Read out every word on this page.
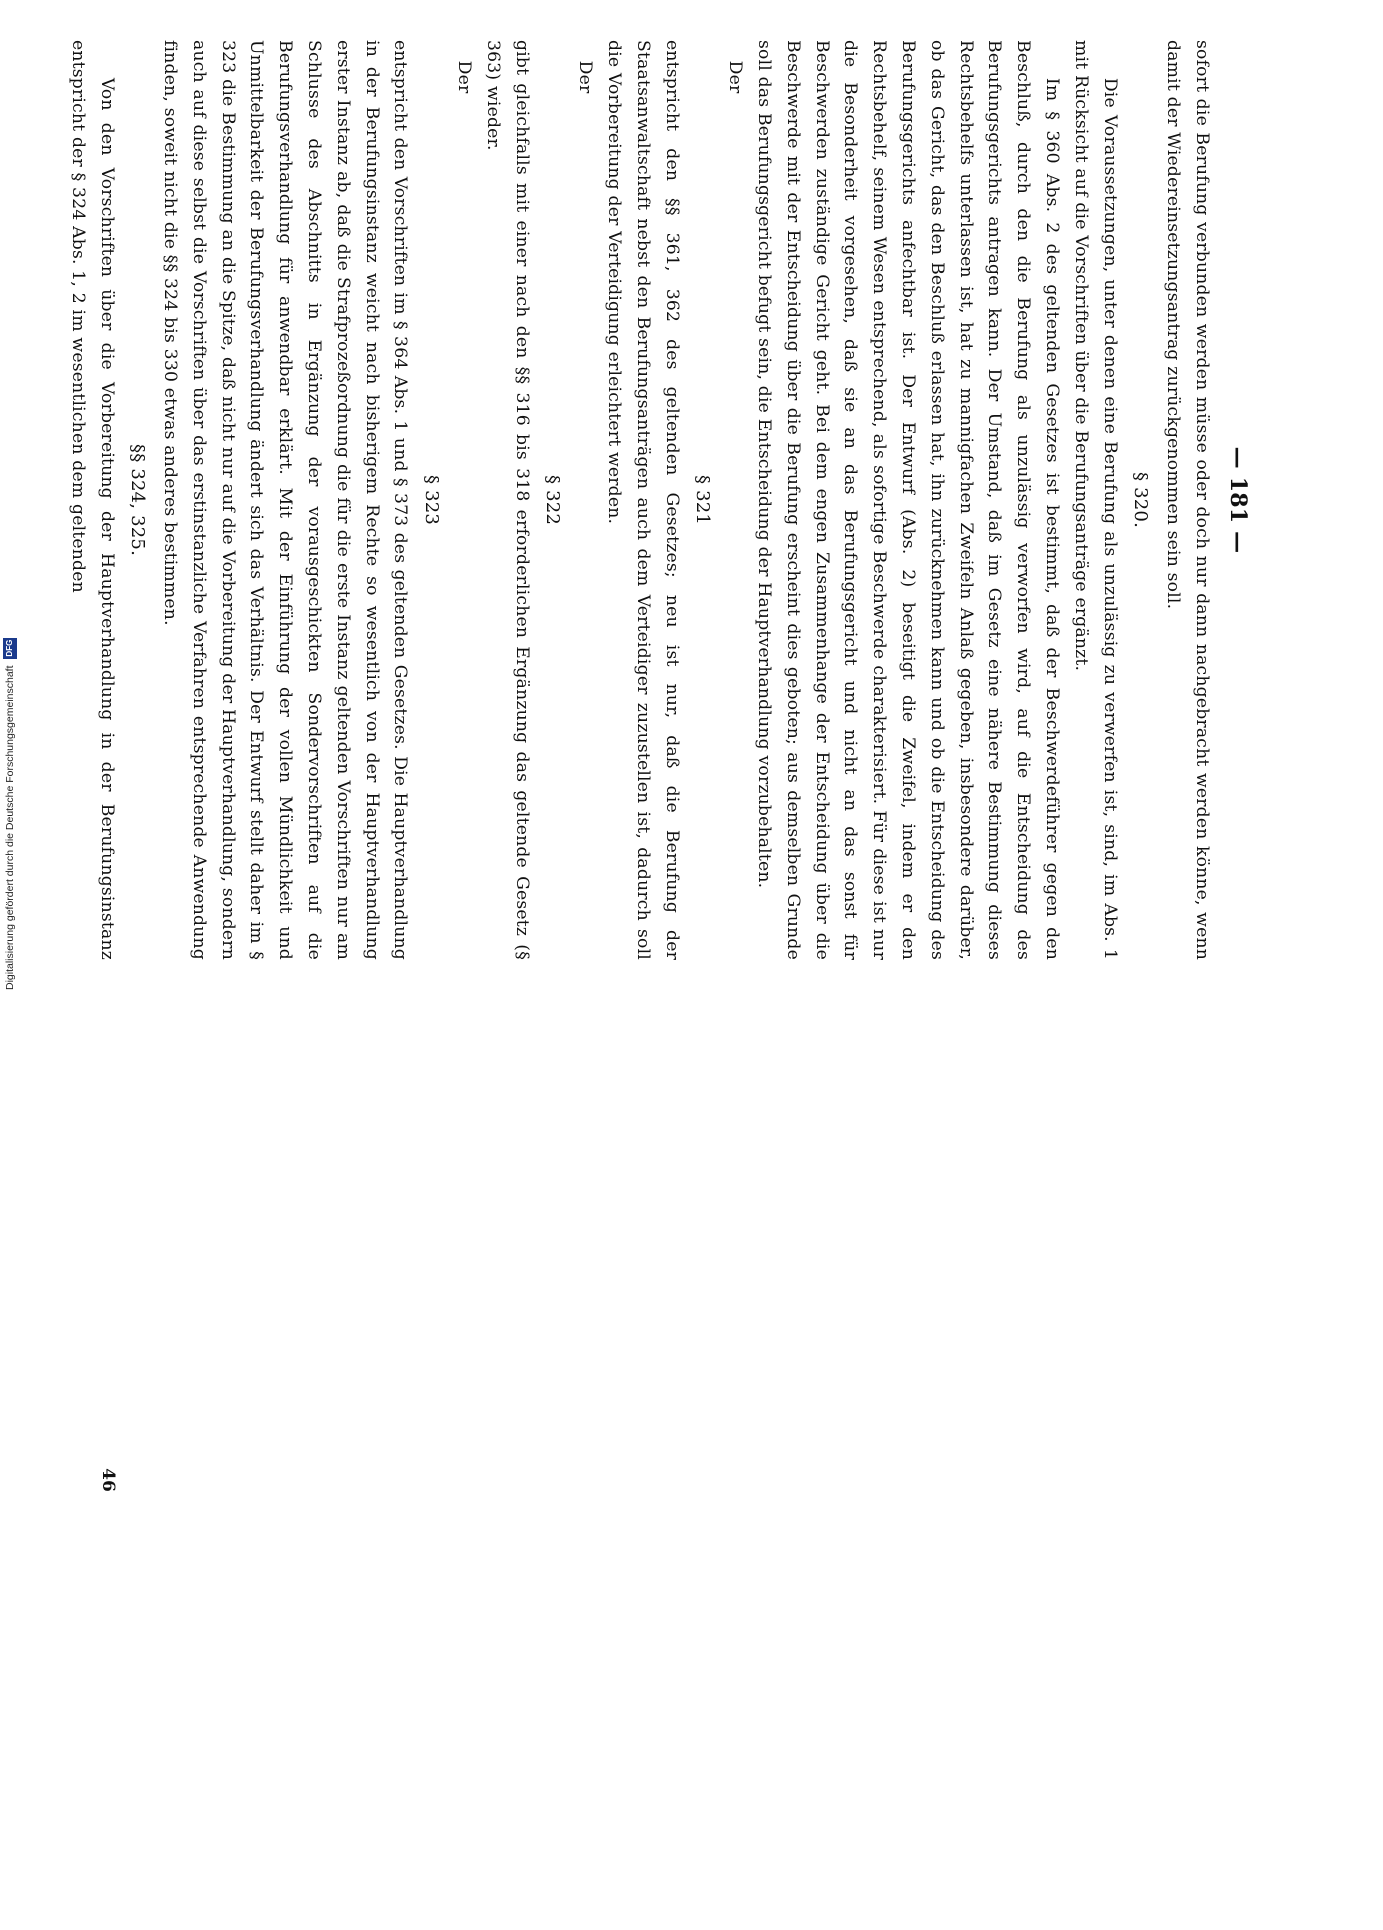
— 181 —

sofort die Berufung verbunden werden müsse oder doch nur dann nachgebracht werden könne, wenn damit der Wiedereinsetzungsantrag zurückgenommen sein soll.

§ 320.

Die Voraussetzungen, unter denen eine Berufung als unzulässig zu verwerfen ist, sind, im Abs. 1 mit Rücksicht auf die Vorschriften über die Berufungsanträge ergänzt.

Im § 360 Abs. 2 des geltenden Gesetzes ist bestimmt, daß der Beschwerdeführer gegen den Beschluß, durch den die Berufung als unzulässig verworfen wird, auf die Entscheidung des Berufungsgerichts antragen kann. Der Umstand, daß im Gesetz eine nähere Bestimmung dieses Rechtsbehelfs unterlassen ist, hat zu mannigfachen Zweifeln Anlaß gegeben, insbesondere darüber, ob das Gericht, das den Beschluß erlassen hat, ihn zurücknehmen kann und ob die Entscheidung des Berufungsgerichts anfechtbar ist. Der Entwurf (Abs. 2) beseitigt die Zweifel, indem er den Rechtsbehelf, seinem Wesen entsprechend, als sofortige Beschwerde charakterisiert. Für diese ist nur die Besonderheit vorgesehen, daß sie an das Berufungsgericht und nicht an das sonst für Beschwerden zuständige Gericht geht. Bei dem engen Zusammenhange der Entscheidung über die Beschwerde mit der Entscheidung über die Berufung erscheint dies geboten; aus demselben Grunde soll das Berufungsgericht befugt sein, die Entscheidung der Hauptverhandlung vorzubehalten.

Der

§ 321

entspricht den §§ 361, 362 des geltenden Gesetzes; neu ist nur, daß die Berufung der Staatsanwaltschaft nebst den Berufungsanträgen auch dem Verteidiger zuzustellen ist, dadurch soll die Vorbereitung der Verteidigung erleichtert werden.

Der

§ 322

gibt gleichfalls mit einer nach den §§ 316 bis 318 erforderlichen Ergänzung das geltende Gesetz (§ 363) wieder.

Der

§ 323

entspricht den Vorschriften im § 364 Abs. 1 und § 373 des geltenden Gesetzes. Die Hauptverhandlung in der Berufungsinstanz weicht nach bisherigem Rechte so wesentlich von der Hauptverhandlung erster Instanz ab, daß die Strafprozeßordnung die für die erste Instanz geltenden Vorschriften nur am Schlusse des Abschnitts in Ergänzung der vorausgeschickten Sondervorschriften auf die Berufungsverhandlung für anwendbar erklärt. Mit der Einführung der vollen Mündlichkeit und Unmittelbarkeit der Berufungsverhandlung ändert sich das Verhältnis. Der Entwurf stellt daher im § 323 die Bestimmung an die Spitze, daß nicht nur auf die Vorbereitung der Hauptverhandlung, sondern auch auf diese selbst die Vorschriften über das erstinstanzliche Verfahren entsprechende Anwendung finden, soweit nicht die §§ 324 bis 330 etwas anderes bestimmen.

§§ 324, 325.

Von den Vorschriften über die Vorbereitung der Hauptverhandlung in der Berufungsinstanz entspricht der § 324 Abs. 1, 2 im wesentlichen dem geltenden

46
Digitalisierung gefördert durch die Deutsche Forschungsgemeinschaft DFG
